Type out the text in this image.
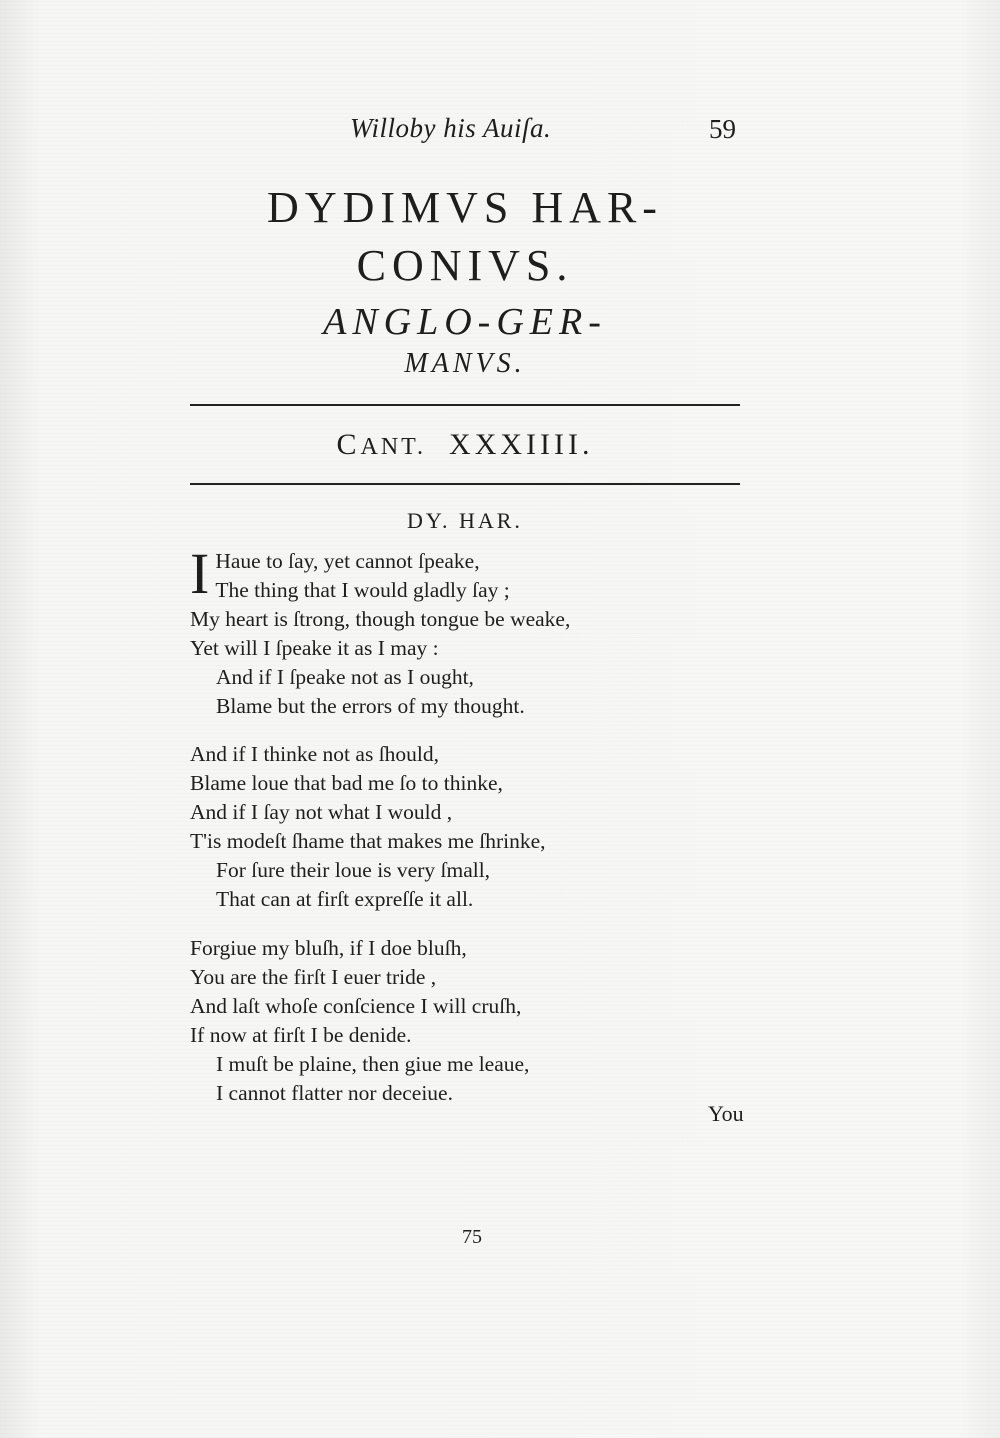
Willoby his Auiſa.	59
DYDIMVS HAR-
CONIVS.
ANGLO-GER-
MANVS.
CANT. XXXIIII.
DY. HAR.
I Haue to ſay, yet cannot ſpeake,
The thing that I would gladly ſay ;
My heart is ſtrong, though tongue be weake,
Yet will I ſpeake it as I may :
And if I ſpeake not as I ought,
Blame but the errors of my thought.
And if I thinke not as ſhould,
Blame loue that bad me ſo to thinke,
And if I ſay not what I would ,
T'is modeſt ſhame that makes me ſhrinke,
For ſure their loue is very ſmall,
That can at firſt expreſſe it all.
Forgiue my bluſh, if I doe bluſh,
You are the firſt I euer tride ,
And laſt whoſe conſcience I will cruſh,
If now at firſt I be denide.
I muſt be plaine, then giue me leaue,
I cannot flatter nor deceiue.
You
75
